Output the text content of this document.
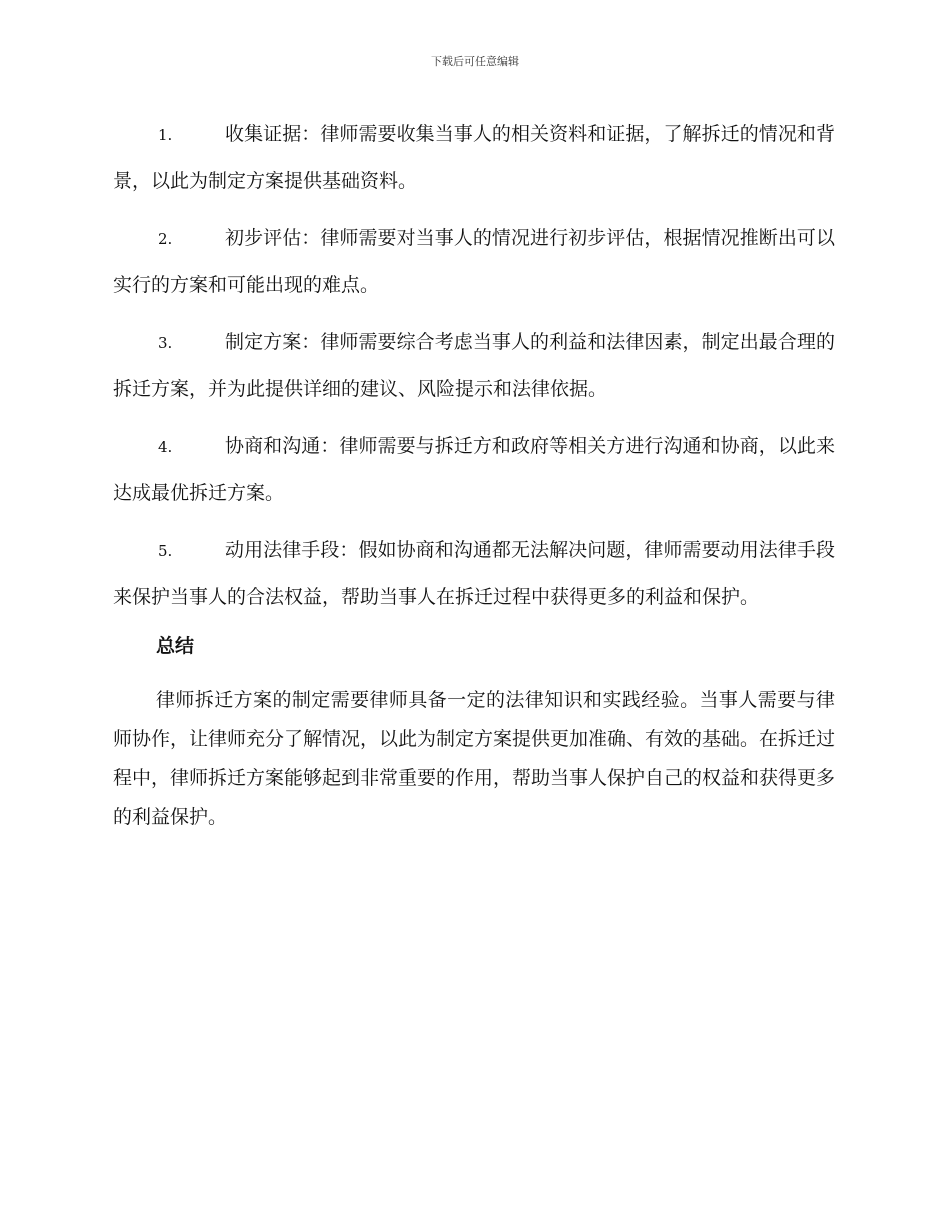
下载后可任意编辑

1.	收集证据：律师需要收集当事人的相关资料和证据，了解拆迁的情况和背景，以此为制定方案提供基础资料。

2.	初步评估：律师需要对当事人的情况进行初步评估，根据情况推断出可以实行的方案和可能出现的难点。

3.	制定方案：律师需要综合考虑当事人的利益和法律因素，制定出最合理的拆迁方案，并为此提供详细的建议、风险提示和法律依据。

4.	协商和沟通：律师需要与拆迁方和政府等相关方进行沟通和协商，以此来达成最优拆迁方案。

5.	动用法律手段：假如协商和沟通都无法解决问题，律师需要动用法律手段来保护当事人的合法权益，帮助当事人在拆迁过程中获得更多的利益和保护。

总结

律师拆迁方案的制定需要律师具备一定的法律知识和实践经验。当事人需要与律师协作，让律师充分了解情况，以此为制定方案提供更加准确、有效的基础。在拆迁过程中，律师拆迁方案能够起到非常重要的作用，帮助当事人保护自己的权益和获得更多的利益保护。
